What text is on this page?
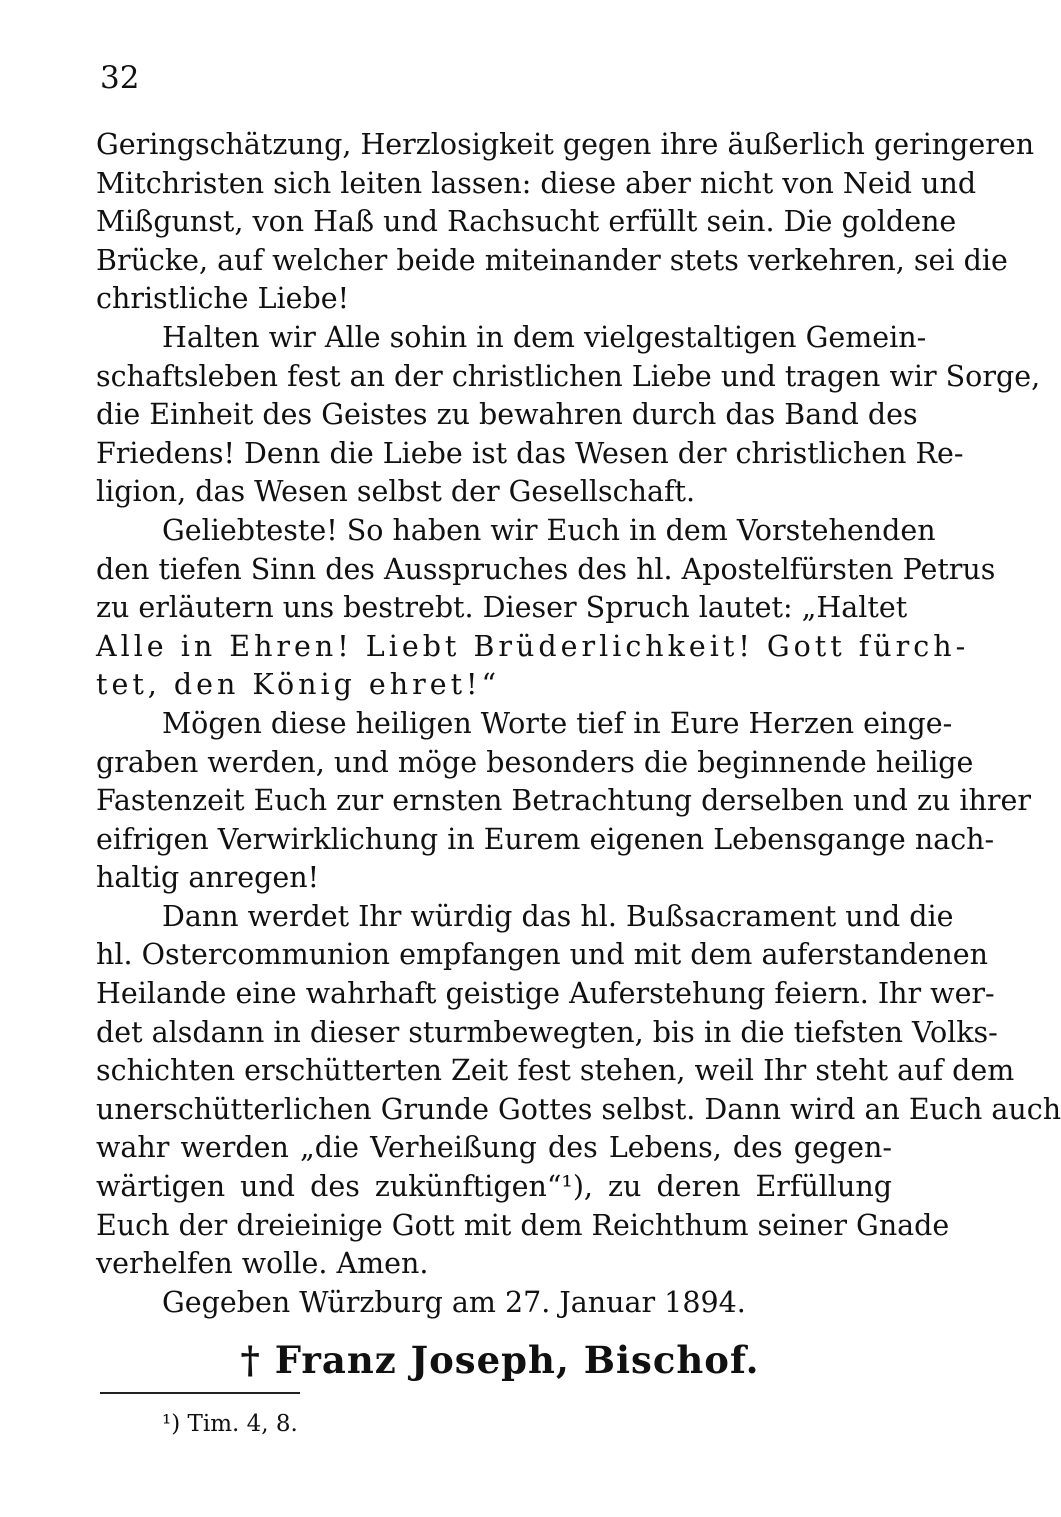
32
Geringschätzung, Herzlosigkeit gegen ihre äußerlich geringeren
Mitchristen sich leiten lassen: diese aber nicht von Neid und
Mißgunst, von Haß und Rachsucht erfüllt sein. Die goldene
Brücke, auf welcher beide miteinander stets verkehren, sei die
christliche Liebe!
Halten wir Alle sohin in dem vielgestaltigen Gemein-
schaftsleben fest an der christlichen Liebe und tragen wir Sorge,
die Einheit des Geistes zu bewahren durch das Band des
Friedens! Denn die Liebe ist das Wesen der christlichen Re-
ligion, das Wesen selbst der Gesellschaft.
Geliebteste! So haben wir Euch in dem Vorstehenden
den tiefen Sinn des Ausspruches des hl. Apostelfürsten Petrus
zu erläutern uns bestrebt. Dieser Spruch lautet: „Haltet
Alle in Ehren! Liebt Brüderlichkeit! Gott fürch-
tet, den König ehret!“
Mögen diese heiligen Worte tief in Eure Herzen einge-
graben werden, und möge besonders die beginnende heilige
Fastenzeit Euch zur ernsten Betrachtung derselben und zu ihrer
eifrigen Verwirklichung in Eurem eigenen Lebensgange nach-
haltig anregen!
Dann werdet Ihr würdig das hl. Bußsacrament und die
hl. Ostercommunion empfangen und mit dem auferstandenen
Heilande eine wahrhaft geistige Auferstehung feiern. Ihr wer-
det alsdann in dieser sturmbewegten, bis in die tiefsten Volks-
schichten erschütterten Zeit fest stehen, weil Ihr steht auf dem
unerschütterlichen Grunde Gottes selbst. Dann wird an Euch auch
wahr werden „die Verheißung des Lebens, des gegen-
wärtigen und des zukünftigen“¹), zu deren Erfüllung
Euch der dreieinige Gott mit dem Reichthum seiner Gnade
verhelfen wolle. Amen.
Gegeben Würzburg am 27. Januar 1894.
† Franz Joseph, Bischof.
¹) Tim. 4, 8.
